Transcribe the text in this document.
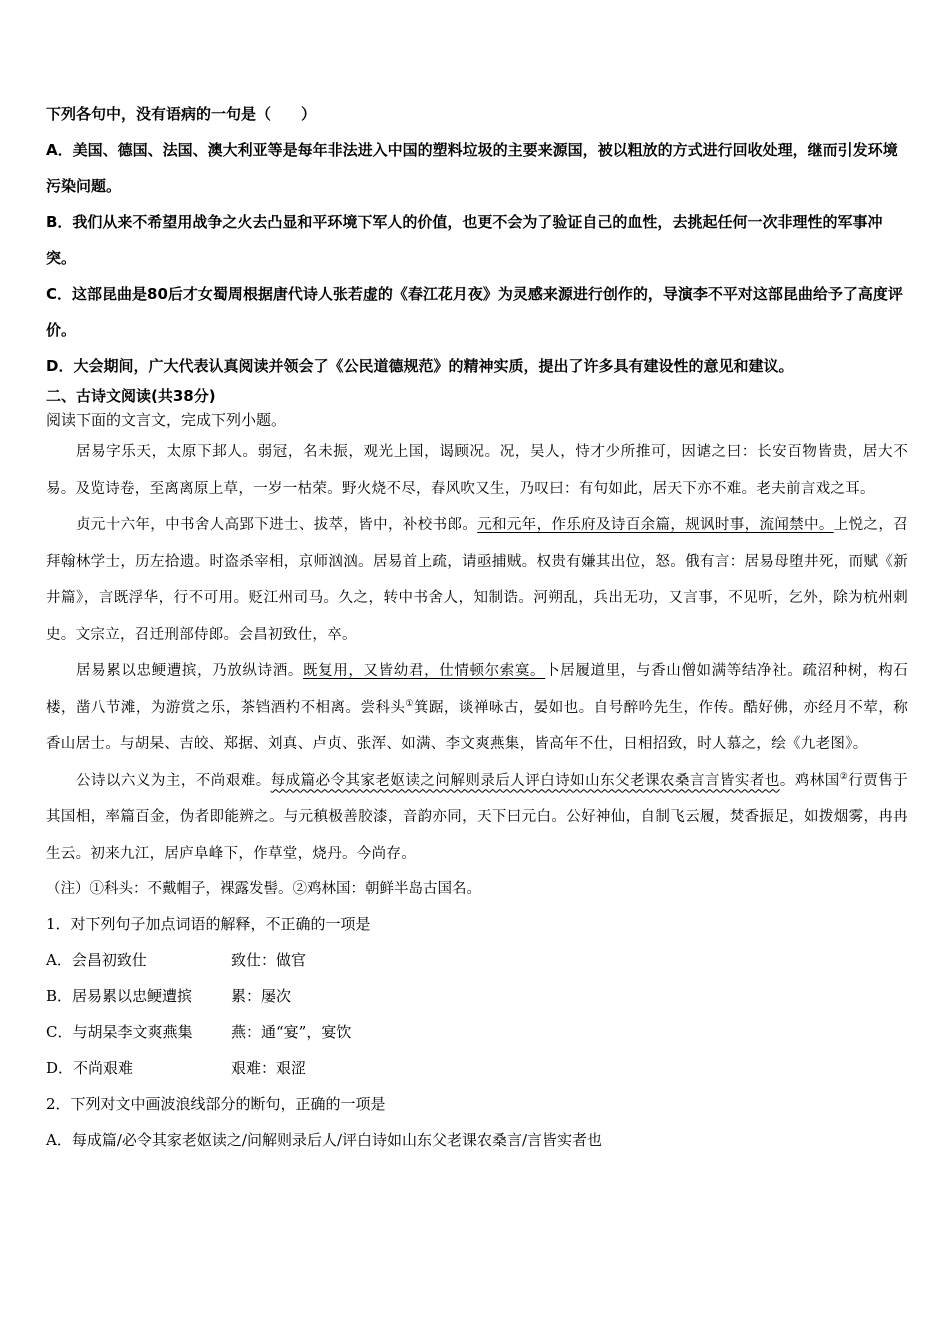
下列各句中，没有语病的一句是（　　）

A．美国、德国、法国、澳大利亚等是每年非法进入中国的塑料垃圾的主要来源国，被以粗放的方式进行回收处理，继而引发环境污染问题。

B．我们从来不希望用战争之火去凸显和平环境下军人的价值，也更不会为了验证自己的血性，去挑起任何一次非理性的军事冲突。

C．这部昆曲是80后才女蜀周根据唐代诗人张若虚的《春江花月夜》为灵感来源进行创作的，导演李不平对这部昆曲给予了高度评价。

D．大会期间，广大代表认真阅读并领会了《公民道德规范》的精神实质，提出了许多具有建设性的意见和建议。

二、古诗文阅读(共38分)

阅读下面的文言文，完成下列小题。

居易字乐天，太原下邽人。弱冠，名未振，观光上国，谒顾况。况，吴人，恃才少所推可，因谑之曰：长安百物皆贵，居大不易。及览诗卷，至离离原上草，一岁一枯荣。野火烧不尽，春风吹又生，乃叹曰：有句如此，居天下亦不难。老夫前言戏之耳。

贞元十六年，中书舍人高郢下进士、拔萃，皆中，补校书郎。元和元年，作乐府及诗百余篇，规讽时事，流闻禁中。上悦之，召拜翰林学士，历左拾遗。时盗杀宰相，京师汹汹。居易首上疏，请亟捕贼。权贵有嫌其出位，怒。俄有言：居易母堕井死，而赋《新井篇》，言既浮华，行不可用。贬江州司马。久之，转中书舍人，知制诰。河朔乱，兵出无功，又言事，不见听，乞外，除为杭州刺史。文宗立，召迁刑部侍郎。会昌初致仕，卒。

居易累以忠鲠遭摈，乃放纵诗酒。既复用，又皆幼君，仕情顿尔索寞。卜居履道里，与香山僧如满等结净社。疏沼种树，构石楼，凿八节滩，为游赏之乐，茶铛酒杓不相离。尝科头①箕踞，谈禅咏古，晏如也。自号醉吟先生，作传。酷好佛，亦经月不荤，称香山居士。与胡杲、吉皎、郑据、刘真、卢贞、张浑、如满、李文爽燕集，皆高年不仕，日相招致，时人慕之，绘《九老图》。

公诗以六义为主，不尚艰难。每成篇必令其家老妪读之问解则录后人评白诗如山东父老课农桑言言皆实者也。鸡林国②行贾售于其国相，率篇百金，伪者即能辨之。与元稹极善胶漆，音韵亦同，天下曰元白。公好神仙，自制飞云履，焚香振足，如拨烟雾，冉冉生云。初来九江，居庐阜峰下，作草堂，烧丹。今尚存。

（注）①科头：不戴帽子，裸露发髻。②鸡林国：朝鲜半岛古国名。

1．对下列句子加点词语的解释，不正确的一项是

A．会昌初致仕	致仕：做官
B．居易累以忠鲠遭摈	累：屡次
C．与胡杲李文爽燕集	燕：通“宴”，宴饮
D．不尚艰难	艰难：艰涩

2．下列对文中画波浪线部分的断句，正确的一项是

A．每成篇/必令其家老妪读之/问解则录后人/评白诗如山东父老课农桑言/言皆实者也
